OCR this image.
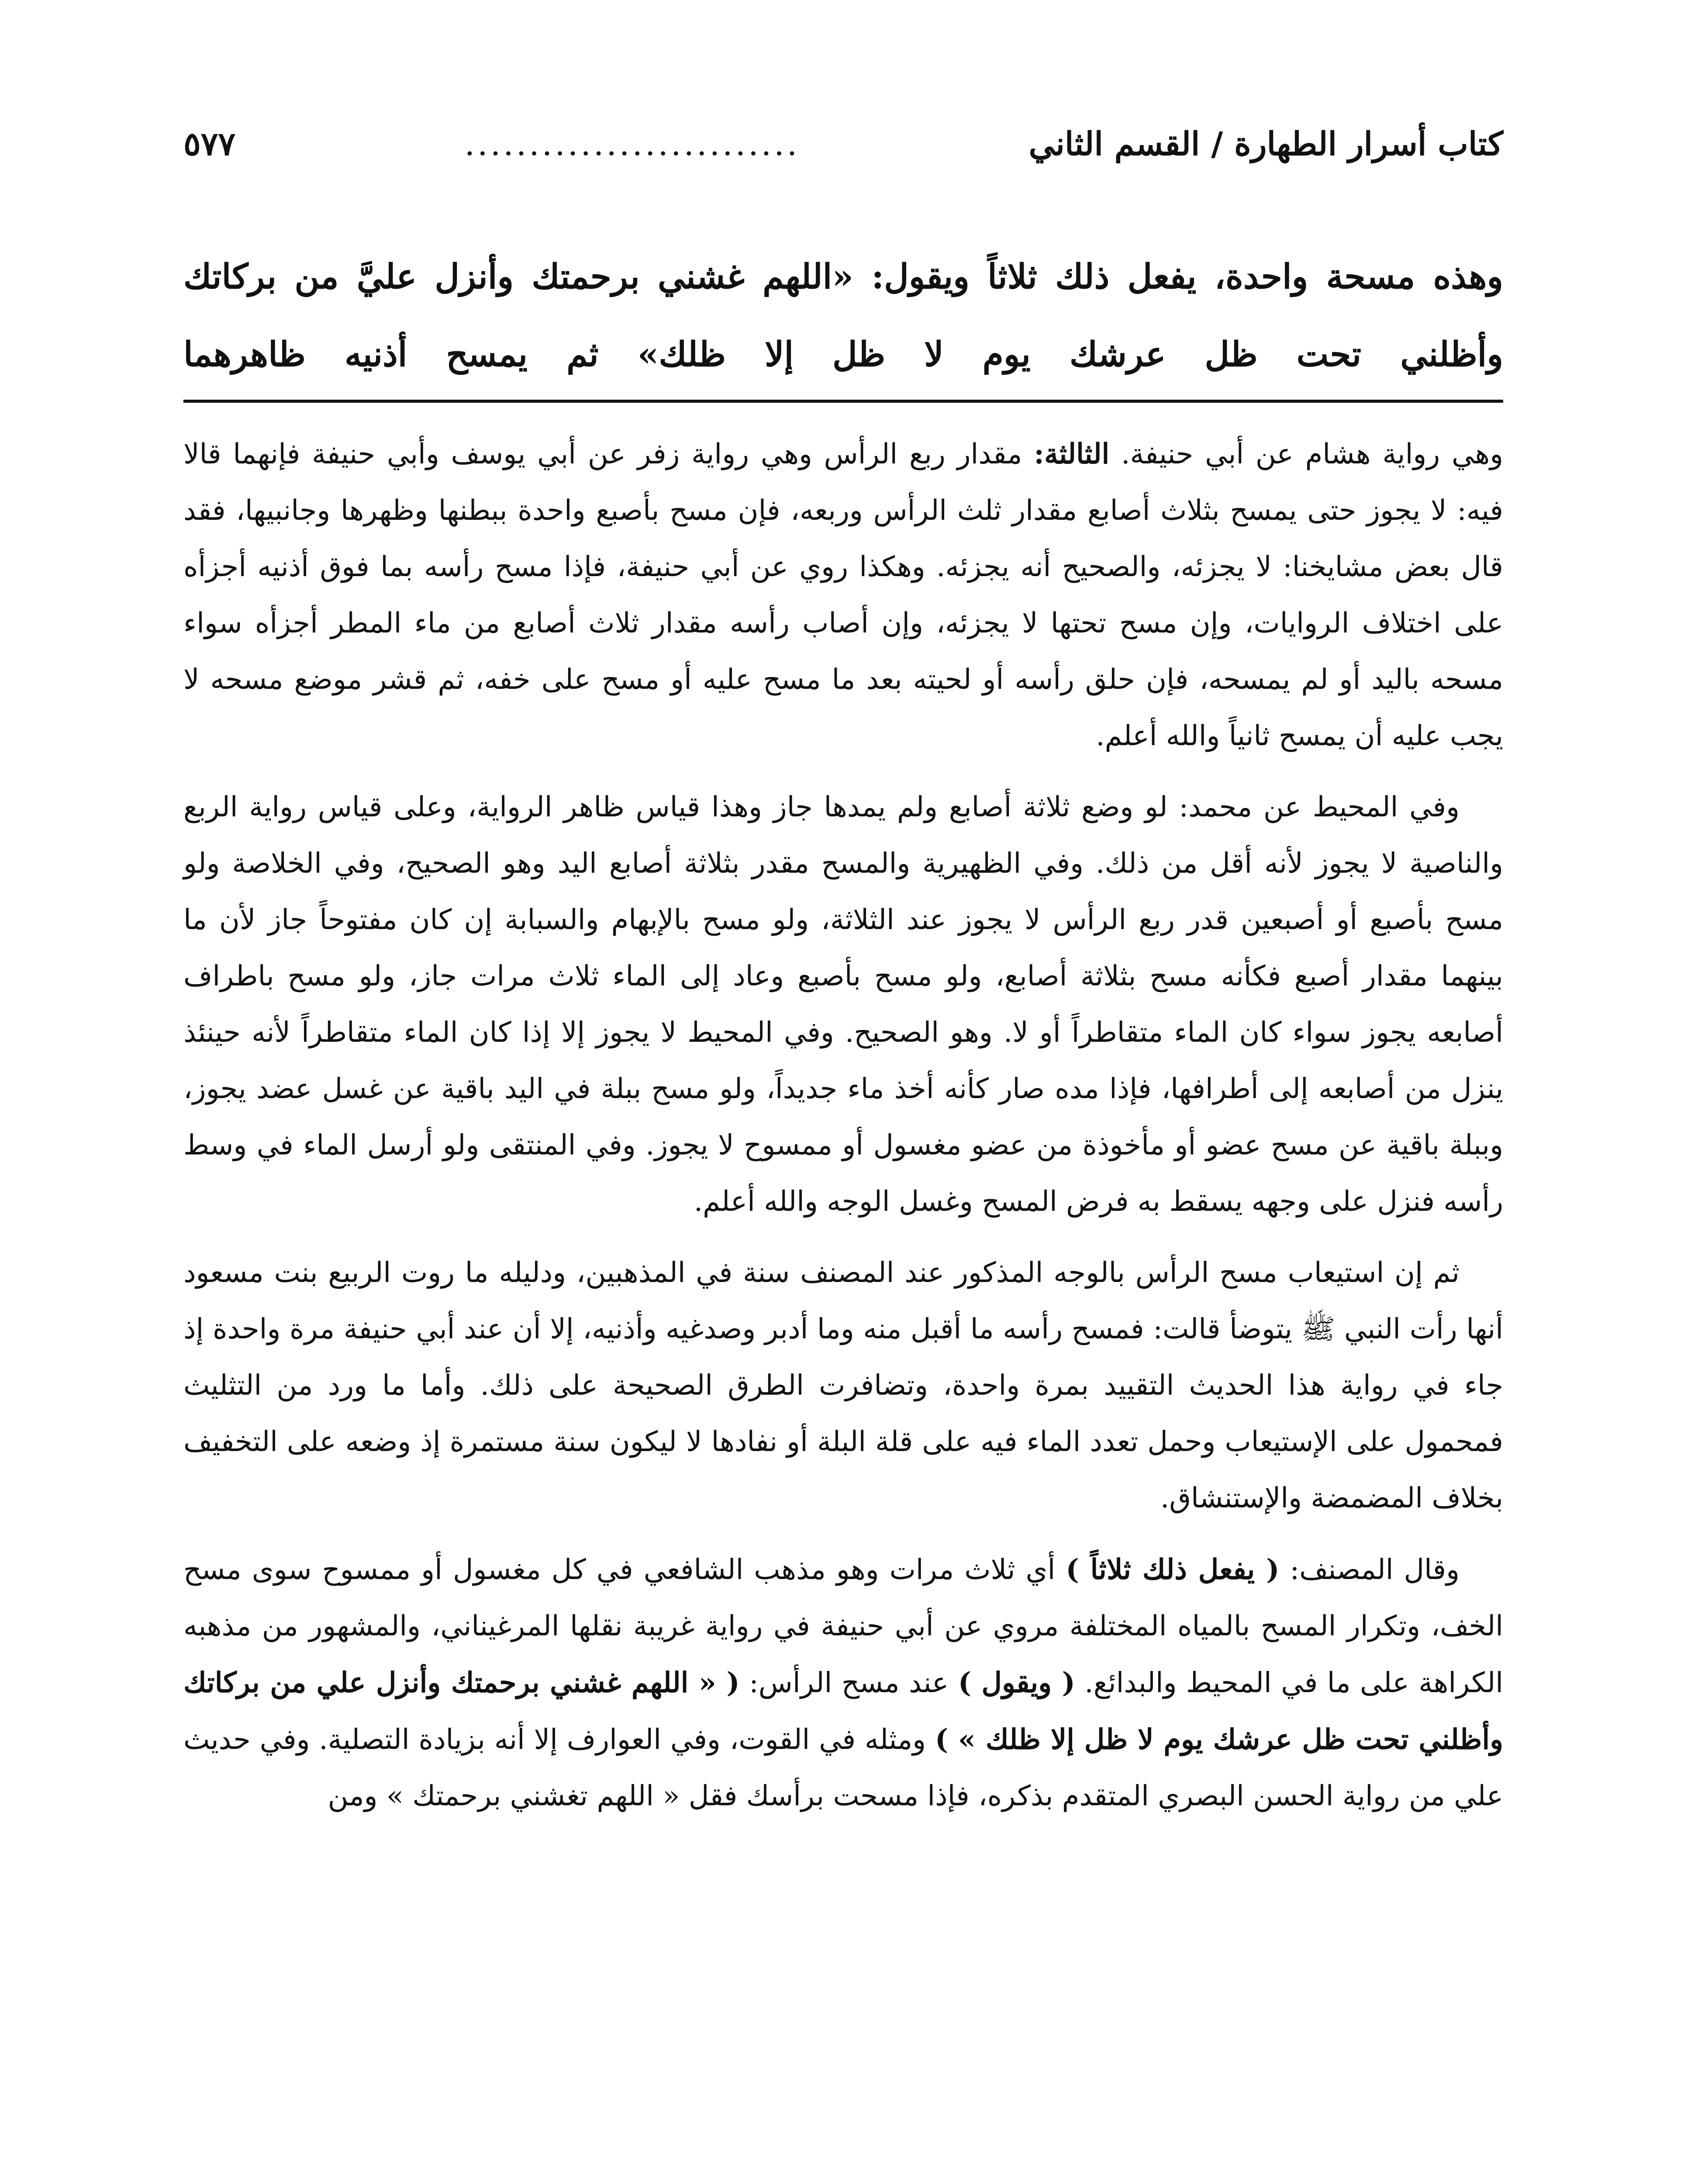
كتاب أسرار الطهارة / القسم الثاني
..........................
٥٧٧
وهذه مسحة واحدة، يفعل ذلك ثلاثاً ويقول: «اللهم غشني برحمتك وأنزل عليَّ من بركاتك وأظلني تحت ظل عرشك يوم لا ظل إلا ظلك» ثم يمسح أذنيه ظاهرهما

وهي رواية هشام عن أبي حنيفة. الثالثة: مقدار ربع الرأس وهي رواية زفر عن أبي يوسف وأبي حنيفة فإنهما قالا فيه: لا يجوز حتى يمسح بثلاث أصابع مقدار ثلث الرأس وربعه، فإن مسح بأصبع واحدة ببطنها وظهرها وجانبيها، فقد قال بعض مشايخنا: لا يجزئه، والصحيح أنه يجزئه. وهكذا روي عن أبي حنيفة، فإذا مسح رأسه بما فوق أذنيه أجزأه على اختلاف الروايات، وإن مسح تحتها لا يجزئه، وإن أصاب رأسه مقدار ثلاث أصابع من ماء المطر أجزأه سواء مسحه باليد أو لم يمسحه، فإن حلق رأسه أو لحيته بعد ما مسح عليه أو مسح على خفه، ثم قشر موضع مسحه لا يجب عليه أن يمسح ثانياً والله أعلم.

وفي المحيط عن محمد: لو وضع ثلاثة أصابع ولم يمدها جاز وهذا قياس ظاهر الرواية، وعلى قياس رواية الربع والناصية لا يجوز لأنه أقل من ذلك. وفي الظهيرية والمسح مقدر بثلاثة أصابع اليد وهو الصحيح، وفي الخلاصة ولو مسح بأصبع أو أصبعين قدر ربع الرأس لا يجوز عند الثلاثة، ولو مسح بالإبهام والسبابة إن كان مفتوحاً جاز لأن ما بينهما مقدار أصبع فكأنه مسح بثلاثة أصابع، ولو مسح بأصبع وعاد إلى الماء ثلاث مرات جاز، ولو مسح باطراف أصابعه يجوز سواء كان الماء متقاطراً أو لا. وهو الصحيح. وفي المحيط لا يجوز إلا إذا كان الماء متقاطراً لأنه حينئذ ينزل من أصابعه إلى أطرافها، فإذا مده صار كأنه أخذ ماء جديداً، ولو مسح ببلة في اليد باقية عن غسل عضد يجوز، وببلة باقية عن مسح عضو أو مأخوذة من عضو مغسول أو ممسوح لا يجوز. وفي المنتقى ولو أرسل الماء في وسط رأسه فنزل على وجهه يسقط به فرض المسح وغسل الوجه والله أعلم.

ثم إن استيعاب مسح الرأس بالوجه المذكور عند المصنف سنة في المذهبين، ودليله ما روت الربيع بنت مسعود أنها رأت النبي ﷺ يتوضأ قالت: فمسح رأسه ما أقبل منه وما أدبر وصدغيه وأذنيه، إلا أن عند أبي حنيفة مرة واحدة إذ جاء في رواية هذا الحديث التقييد بمرة واحدة، وتضافرت الطرق الصحيحة على ذلك. وأما ما ورد من التثليث فمحمول على الإستيعاب وحمل تعدد الماء فيه على قلة البلة أو نفادها لا ليكون سنة مستمرة إذ وضعه على التخفيف بخلاف المضمضة والإستنشاق.

وقال المصنف: ( يفعل ذلك ثلاثاً ) أي ثلاث مرات وهو مذهب الشافعي في كل مغسول أو ممسوح سوى مسح الخف، وتكرار المسح بالمياه المختلفة مروي عن أبي حنيفة في رواية غريبة نقلها المرغيناني، والمشهور من مذهبه الكراهة على ما في المحيط والبدائع. ( ويقول ) عند مسح الرأس: ( « اللهم غشني برحمتك وأنزل علي من بركاتك وأظلني تحت ظل عرشك يوم لا ظل إلا ظلك » ) ومثله في القوت، وفي العوارف إلا أنه بزيادة التصلية. وفي حديث علي من رواية الحسن البصري المتقدم بذكره، فإذا مسحت برأسك فقل « اللهم تغشني برحمتك » ومن
